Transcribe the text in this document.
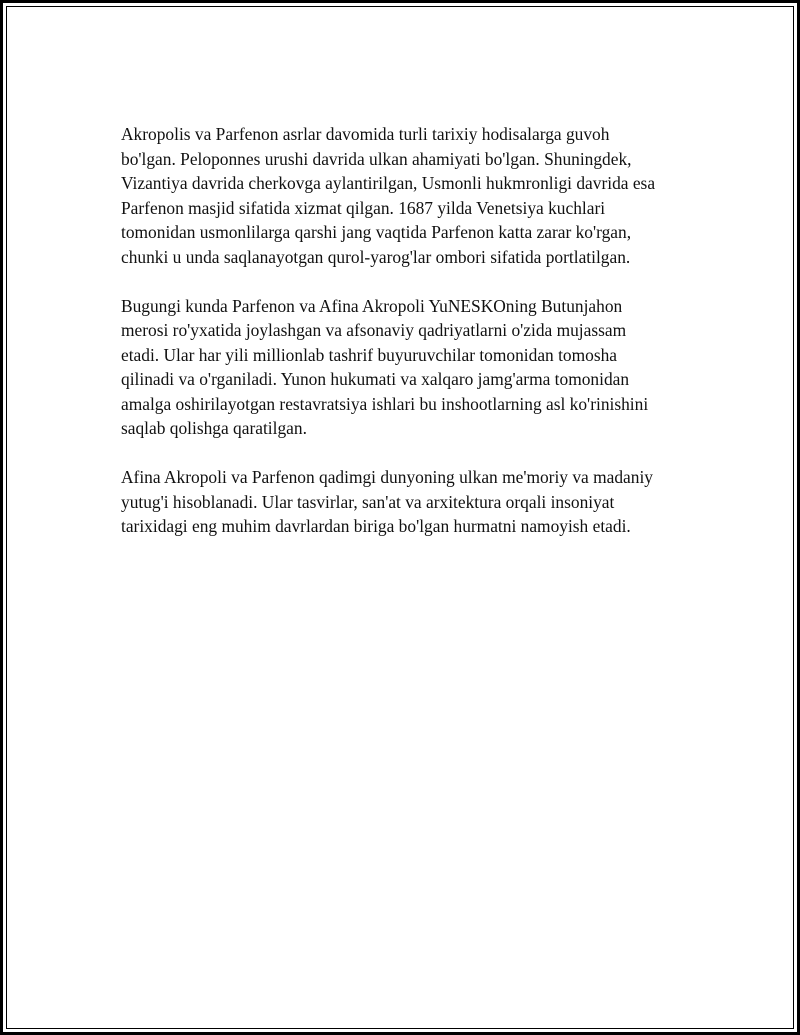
Akropolis va Parfenon asrlar davomida turli tarixiy hodisalarga guvoh
bo'lgan. Peloponnes urushi davrida ulkan ahamiyati bo'lgan. Shuningdek,
Vizantiya davrida cherkovga aylantirilgan, Usmonli hukmronligi davrida esa
Parfenon masjid sifatida xizmat qilgan. 1687 yilda Venetsiya kuchlari
tomonidan usmonlilarga qarshi jang vaqtida Parfenon katta zarar ko'rgan,
chunki u unda saqlanayotgan qurol-yarog'lar ombori sifatida portlatilgan.

Bugungi kunda Parfenon va Afina Akropoli YuNESKOning Butunjahon
merosi ro'yxatida joylashgan va afsonaviy qadriyatlarni o'zida mujassam
etadi. Ular har yili millionlab tashrif buyuruvchilar tomonidan tomosha
qilinadi va o'rganiladi. Yunon hukumati va xalqaro jamg'arma tomonidan
amalga oshirilayotgan restavratsiya ishlari bu inshootlarning asl ko'rinishini
saqlab qolishga qaratilgan.

Afina Akropoli va Parfenon qadimgi dunyoning ulkan me'moriy va madaniy
yutug'i hisoblanadi. Ular tasvirlar, san'at va arxitektura orqali insoniyat
tarixidagi eng muhim davrlardan biriga bo'lgan hurmatni namoyish etadi.
